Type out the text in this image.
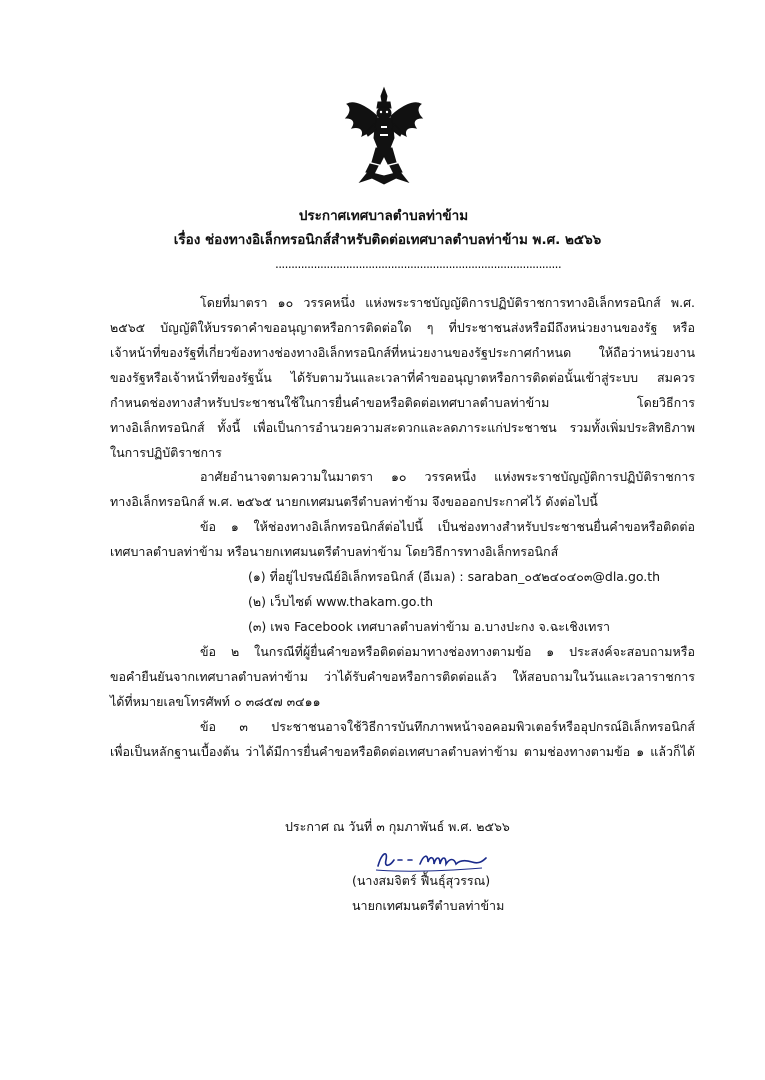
ประกาศเทศบาลตำบลท่าข้าม
เรื่อง ช่องทางอิเล็กทรอนิกส์สำหรับติดต่อเทศบาลตำบลท่าข้าม พ.ศ. ๒๕๖๖
.........................................................................................
โดยที่มาตรา ๑๐ วรรคหนึ่ง แห่งพระราชบัญญัติการปฏิบัติราชการทางอิเล็กทรอนิกส์ พ.ศ.
๒๕๖๕ บัญญัติให้บรรดาคำขออนุญาตหรือการติดต่อใด ๆ ที่ประชาชนส่งหรือมีถึงหน่วยงานของรัฐ หรือ
เจ้าหน้าที่ของรัฐที่เกี่ยวข้องทางช่องทางอิเล็กทรอนิกส์ที่หน่วยงานของรัฐประกาศกำหนด ให้ถือว่าหน่วยงาน
ของรัฐหรือเจ้าหน้าที่ของรัฐนั้น ได้รับตามวันและเวลาที่คำขออนุญาตหรือการติดต่อนั้นเข้าสู่ระบบ สมควร
กำหนดช่องทางสำหรับประชาชนใช้ในการยื่นคำขอหรือติดต่อเทศบาลตำบลท่าข้าม โดยวิธีการ
ทางอิเล็กทรอนิกส์ ทั้งนี้ เพื่อเป็นการอำนวยความสะดวกและลดภาระแก่ประชาชน รวมทั้งเพิ่มประสิทธิภาพ
ในการปฏิบัติราชการ
อาศัยอำนาจตามความในมาตรา ๑๐ วรรคหนึ่ง แห่งพระราชบัญญัติการปฏิบัติราชการ
ทางอิเล็กทรอนิกส์ พ.ศ. ๒๕๖๕ นายกเทศมนตรีตำบลท่าข้าม จึงขอออกประกาศไว้ ดังต่อไปนี้
ข้อ ๑ ให้ช่องทางอิเล็กทรอนิกส์ต่อไปนี้ เป็นช่องทางสำหรับประชาชนยื่นคำขอหรือติดต่อ
เทศบาลตำบลท่าข้าม หรือนายกเทศมนตรีตำบลท่าข้าม โดยวิธีการทางอิเล็กทรอนิกส์
(๑) ที่อยู่ไปรษณีย์อิเล็กทรอนิกส์ (อีเมล) : saraban_๐๕๒๔๐๔๐๓@dla.go.th
(๒) เว็บไซต์ www.thakam.go.th
(๓) เพจ Facebook เทศบาลตำบลท่าข้าม อ.บางปะกง จ.ฉะเชิงเทรา
ข้อ ๒ ในกรณีที่ผู้ยื่นคำขอหรือติดต่อมาทางช่องทางตามข้อ ๑ ประสงค์จะสอบถามหรือ
ขอคำยืนยันจากเทศบาลตำบลท่าข้าม ว่าได้รับคำขอหรือการติดต่อแล้ว ให้สอบถามในวันและเวลาราชการ
ได้ที่หมายเลขโทรศัพท์ ๐ ๓๘๕๗ ๓๔๑๑
ข้อ ๓ ประชาชนอาจใช้วิธีการบันทึกภาพหน้าจอคอมพิวเตอร์หรืออุปกรณ์อิเล็กทรอนิกส์
เพื่อเป็นหลักฐานเบื้องต้น ว่าได้มีการยื่นคำขอหรือติดต่อเทศบาลตำบลท่าข้าม ตามช่องทางตามข้อ ๑ แล้วก็ได้
ประกาศ ณ วันที่ ๓ กุมภาพันธ์ พ.ศ. ๒๕๖๖
(นางสมจิตร์ ฟื้นธุ์สุวรรณ)
นายกเทศมนตรีตำบลท่าข้าม
